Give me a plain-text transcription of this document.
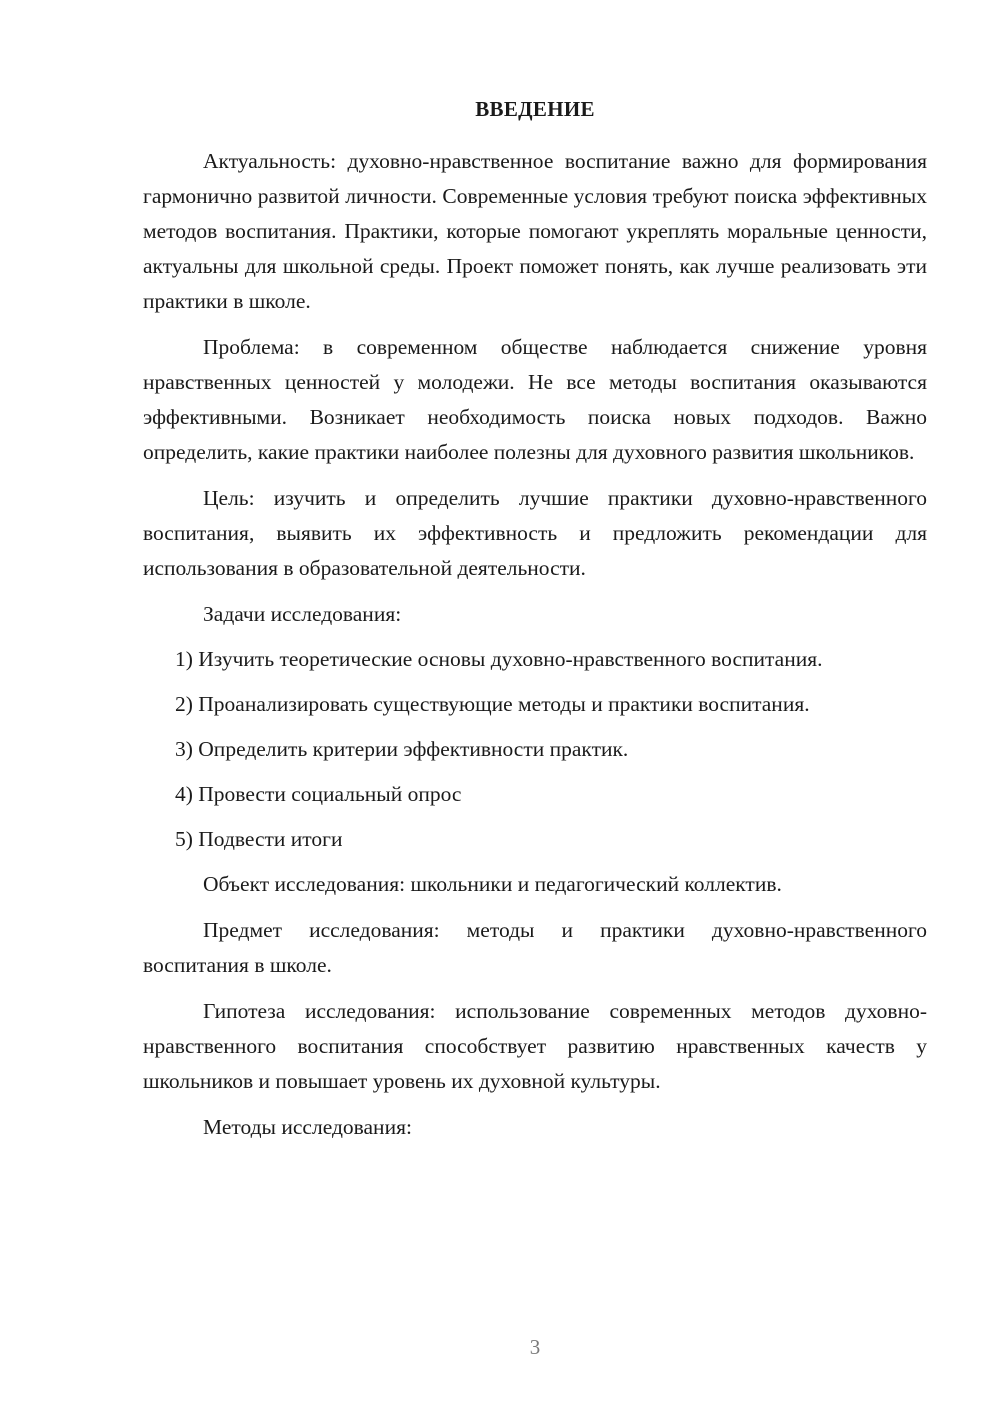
ВВЕДЕНИЕ

Актуальность: духовно-нравственное воспитание важно для формирования гармонично развитой личности. Современные условия требуют поиска эффективных методов воспитания. Практики, которые помогают укреплять моральные ценности, актуальны для школьной среды. Проект поможет понять, как лучше реализовать эти практики в школе.

Проблема: в современном обществе наблюдается снижение уровня нравственных ценностей у молодежи. Не все методы воспитания оказываются эффективными. Возникает необходимость поиска новых подходов. Важно определить, какие практики наиболее полезны для духовного развития школьников.

Цель: изучить и определить лучшие практики духовно-нравственного воспитания, выявить их эффективность и предложить рекомендации для использования в образовательной деятельности.

Задачи исследования:

1) Изучить теоретические основы духовно-нравственного воспитания.

2) Проанализировать существующие методы и практики воспитания.

3) Определить критерии эффективности практик.

4) Провести социальный опрос

5) Подвести итоги

Объект исследования: школьники и педагогический коллектив.

Предмет исследования: методы и практики духовно-нравственного воспитания в школе.

Гипотеза исследования: использование современных методов духовно-нравственного воспитания способствует развитию нравственных качеств у школьников и повышает уровень их духовной культуры.

Методы исследования:

3
